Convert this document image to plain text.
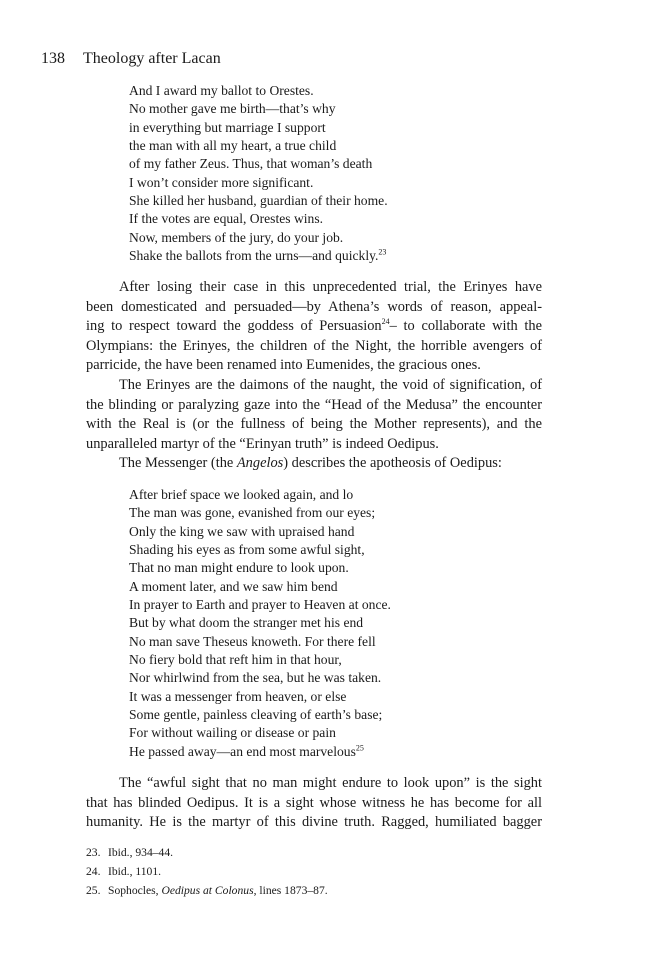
138 Theology after Lacan
And I award my ballot to Orestes.
No mother gave me birth—that’s why
in everything but marriage I support
the man with all my heart, a true child
of my father Zeus. Thus, that woman’s death
I won’t consider more significant.
She killed her husband, guardian of their home.
If the votes are equal, Orestes wins.
Now, members of the jury, do your job.
Shake the ballots from the urns—and quickly.$^{23}$
After losing their case in this unprecedented trial, the Erinyes have
been domesticated and persuaded—by Athena’s words of reason, appeal-
ing to respect toward the goddess of Persuasion$^{24}$– to collaborate with the
Olympians: the Erinyes, the children of the Night, the horrible avengers of
parricide, the have been renamed into Eumenides, the gracious ones.
The Erinyes are the daimons of the naught, the void of signification, of
the blinding or paralyzing gaze into the “Head of the Medusa” the encounter
with the Real is (or the fullness of being the Mother represents), and the
unparalleled martyr of the “Erinyan truth” is indeed Oedipus.
The Messenger (the Angelos) describes the apotheosis of Oedipus:
After brief space we looked again, and lo
The man was gone, evanished from our eyes;
Only the king we saw with upraised hand
Shading his eyes as from some awful sight,
That no man might endure to look upon.
A moment later, and we saw him bend
In prayer to Earth and prayer to Heaven at once.
But by what doom the stranger met his end
No man save Theseus knoweth. For there fell
No fiery bold that reft him in that hour,
Nor whirlwind from the sea, but he was taken.
It was a messenger from heaven, or else
Some gentle, painless cleaving of earth’s base;
For without wailing or disease or pain
He passed away—an end most marvelous$^{25}$
The “awful sight that no man might endure to look upon” is the sight
that has blinded Oedipus. It is a sight whose witness he has become for all
humanity. He is the martyr of this divine truth. Ragged, humiliated bagger
23. Ibid., 934–44.
24. Ibid., 1101.
25. Sophocles, Oedipus at Colonus, lines 1873–87.
